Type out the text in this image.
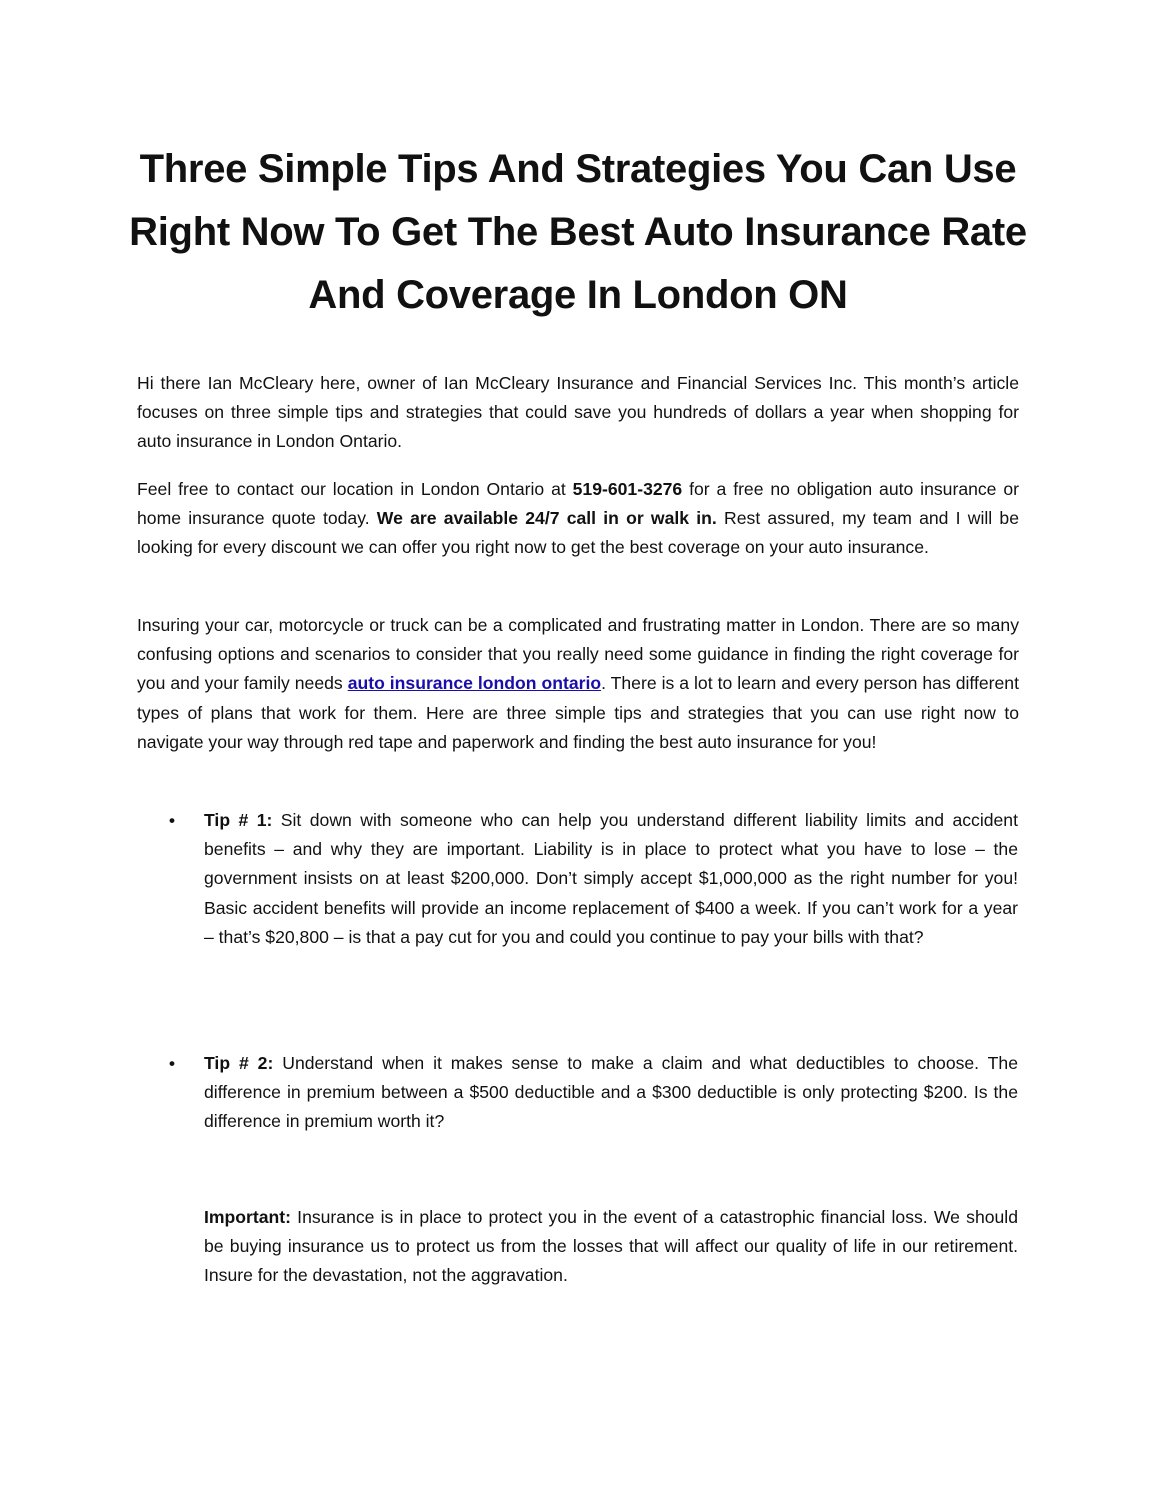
Three Simple Tips And Strategies You Can Use Right Now To Get The Best Auto Insurance Rate And Coverage In London ON

Hi there Ian McCleary here, owner of Ian McCleary Insurance and Financial Services Inc. This month’s article focuses on three simple tips and strategies that could save you hundreds of dollars a year when shopping for auto insurance in London Ontario.

Feel free to contact our location in London Ontario at 519-601-3276 for a free no obligation auto insurance or home insurance quote today. We are available 24/7 call in or walk in. Rest assured, my team and I will be looking for every discount we can offer you right now to get the best coverage on your auto insurance.

Insuring your car, motorcycle or truck can be a complicated and frustrating matter in London. There are so many confusing options and scenarios to consider that you really need some guidance in finding the right coverage for you and your family needs auto insurance london ontario. There is a lot to learn and every person has different types of plans that work for them. Here are three simple tips and strategies that you can use right now to navigate your way through red tape and paperwork and finding the best auto insurance for you!

• Tip # 1: Sit down with someone who can help you understand different liability limits and accident benefits – and why they are important. Liability is in place to protect what you have to lose – the government insists on at least $200,000. Don’t simply accept $1,000,000 as the right number for you! Basic accident benefits will provide an income replacement of $400 a week. If you can’t work for a year – that’s $20,800 – is that a pay cut for you and could you continue to pay your bills with that?

• Tip # 2: Understand when it makes sense to make a claim and what deductibles to choose. The difference in premium between a $500 deductible and a $300 deductible is only protecting $200. Is the difference in premium worth it?

Important: Insurance is in place to protect you in the event of a catastrophic financial loss. We should be buying insurance us to protect us from the losses that will affect our quality of life in our retirement. Insure for the devastation, not the aggravation.
